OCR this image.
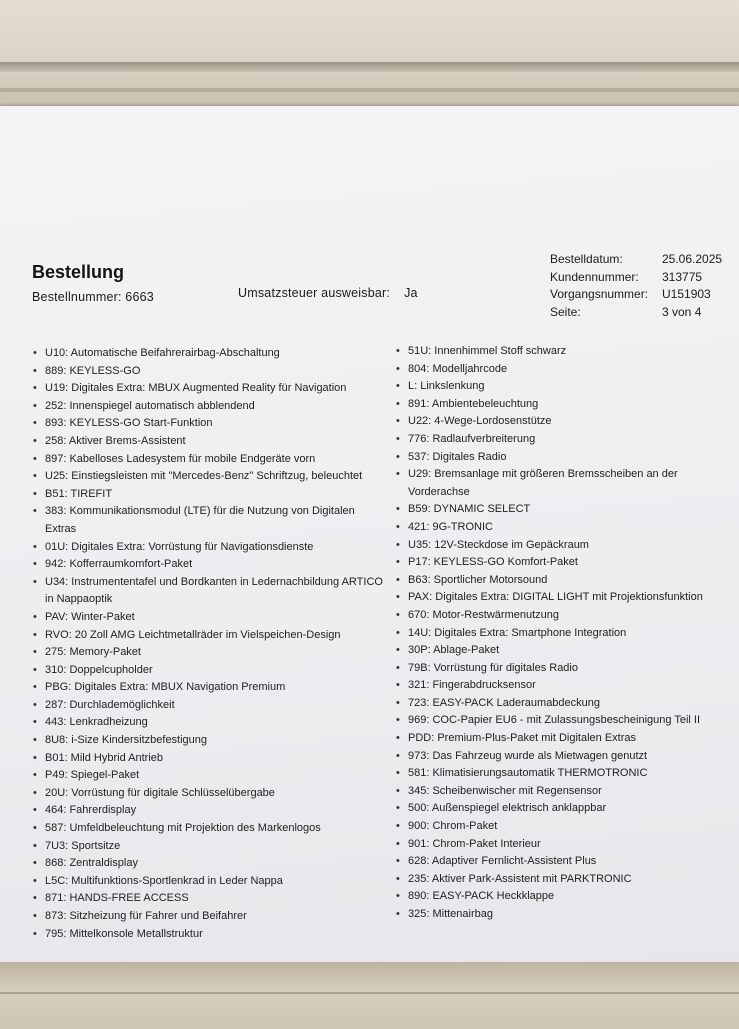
Bestellung
Bestellnummer: 6663	Umsatzsteuer ausweisbar: Ja
Bestelldatum:	25.06.2025
Kundennummer:	313775
Vorgangsnummer:	U151903
Seite:	3 von 4
• U10: Automatische Beifahrerairbag-Abschaltung
• 889: KEYLESS-GO
• U19: Digitales Extra: MBUX Augmented Reality für Navigation
• 252: Innenspiegel automatisch abblendend
• 893: KEYLESS-GO Start-Funktion
• 258: Aktiver Brems-Assistent
• 897: Kabelloses Ladesystem für mobile Endgeräte vorn
• U25: Einstiegsleisten mit "Mercedes-Benz" Schriftzug, beleuchtet
• B51: TIREFIT
• 383: Kommunikationsmodul (LTE) für die Nutzung von Digitalen Extras
• 01U: Digitales Extra: Vorrüstung für Navigationsdienste
• 942: Kofferraumkomfort-Paket
• U34: Instrumententafel und Bordkanten in Ledernachbildung ARTICO in Nappaoptik
• PAV: Winter-Paket
• RVO: 20 Zoll AMG Leichtmetallräder im Vielspeichen-Design
• 275: Memory-Paket
• 310: Doppelcupholder
• PBG: Digitales Extra: MBUX Navigation Premium
• 287: Durchlademöglichkeit
• 443: Lenkradheizung
• 8U8: i-Size Kindersitzbefestigung
• B01: Mild Hybrid Antrieb
• P49: Spiegel-Paket
• 20U: Vorrüstung für digitale Schlüsselübergabe
• 464: Fahrerdisplay
• 587: Umfeldbeleuchtung mit Projektion des Markenlogos
• 7U3: Sportsitze
• 868: Zentraldisplay
• L5C: Multifunktions-Sportlenkrad in Leder Nappa
• 871: HANDS-FREE ACCESS
• 873: Sitzheizung für Fahrer und Beifahrer
• 795: Mittelkonsole Metallstruktur
• 51U: Innenhimmel Stoff schwarz
• 804: Modelljahrcode
• L: Linkslenkung
• 891: Ambientebeleuchtung
• U22: 4-Wege-Lordosenstütze
• 776: Radlaufverbreiterung
• 537: Digitales Radio
• U29: Bremsanlage mit größeren Bremsscheiben an der Vorderachse
• B59: DYNAMIC SELECT
• 421: 9G-TRONIC
• U35: 12V-Steckdose im Gepäckraum
• P17: KEYLESS-GO Komfort-Paket
• B63: Sportlicher Motorsound
• PAX: Digitales Extra: DIGITAL LIGHT mit Projektionsfunktion
• 670: Motor-Restwärmenutzung
• 14U: Digitales Extra: Smartphone Integration
• 30P: Ablage-Paket
• 79B: Vorrüstung für digitales Radio
• 321: Fingerabdrucksensor
• 723: EASY-PACK Laderaumabdeckung
• 969: COC-Papier EU6 - mit Zulassungsbescheinigung Teil II
• PDD: Premium-Plus-Paket mit Digitalen Extras
• 973: Das Fahrzeug wurde als Mietwagen genutzt
• 581: Klimatisierungsautomatik THERMOTRONIC
• 345: Scheibenwischer mit Regensensor
• 500: Außenspiegel elektrisch anklappbar
• 900: Chrom-Paket
• 901: Chrom-Paket Interieur
• 628: Adaptiver Fernlicht-Assistent Plus
• 235: Aktiver Park-Assistent mit PARKTRONIC
• 890: EASY-PACK Heckklappe
• 325: Mittenairbag
